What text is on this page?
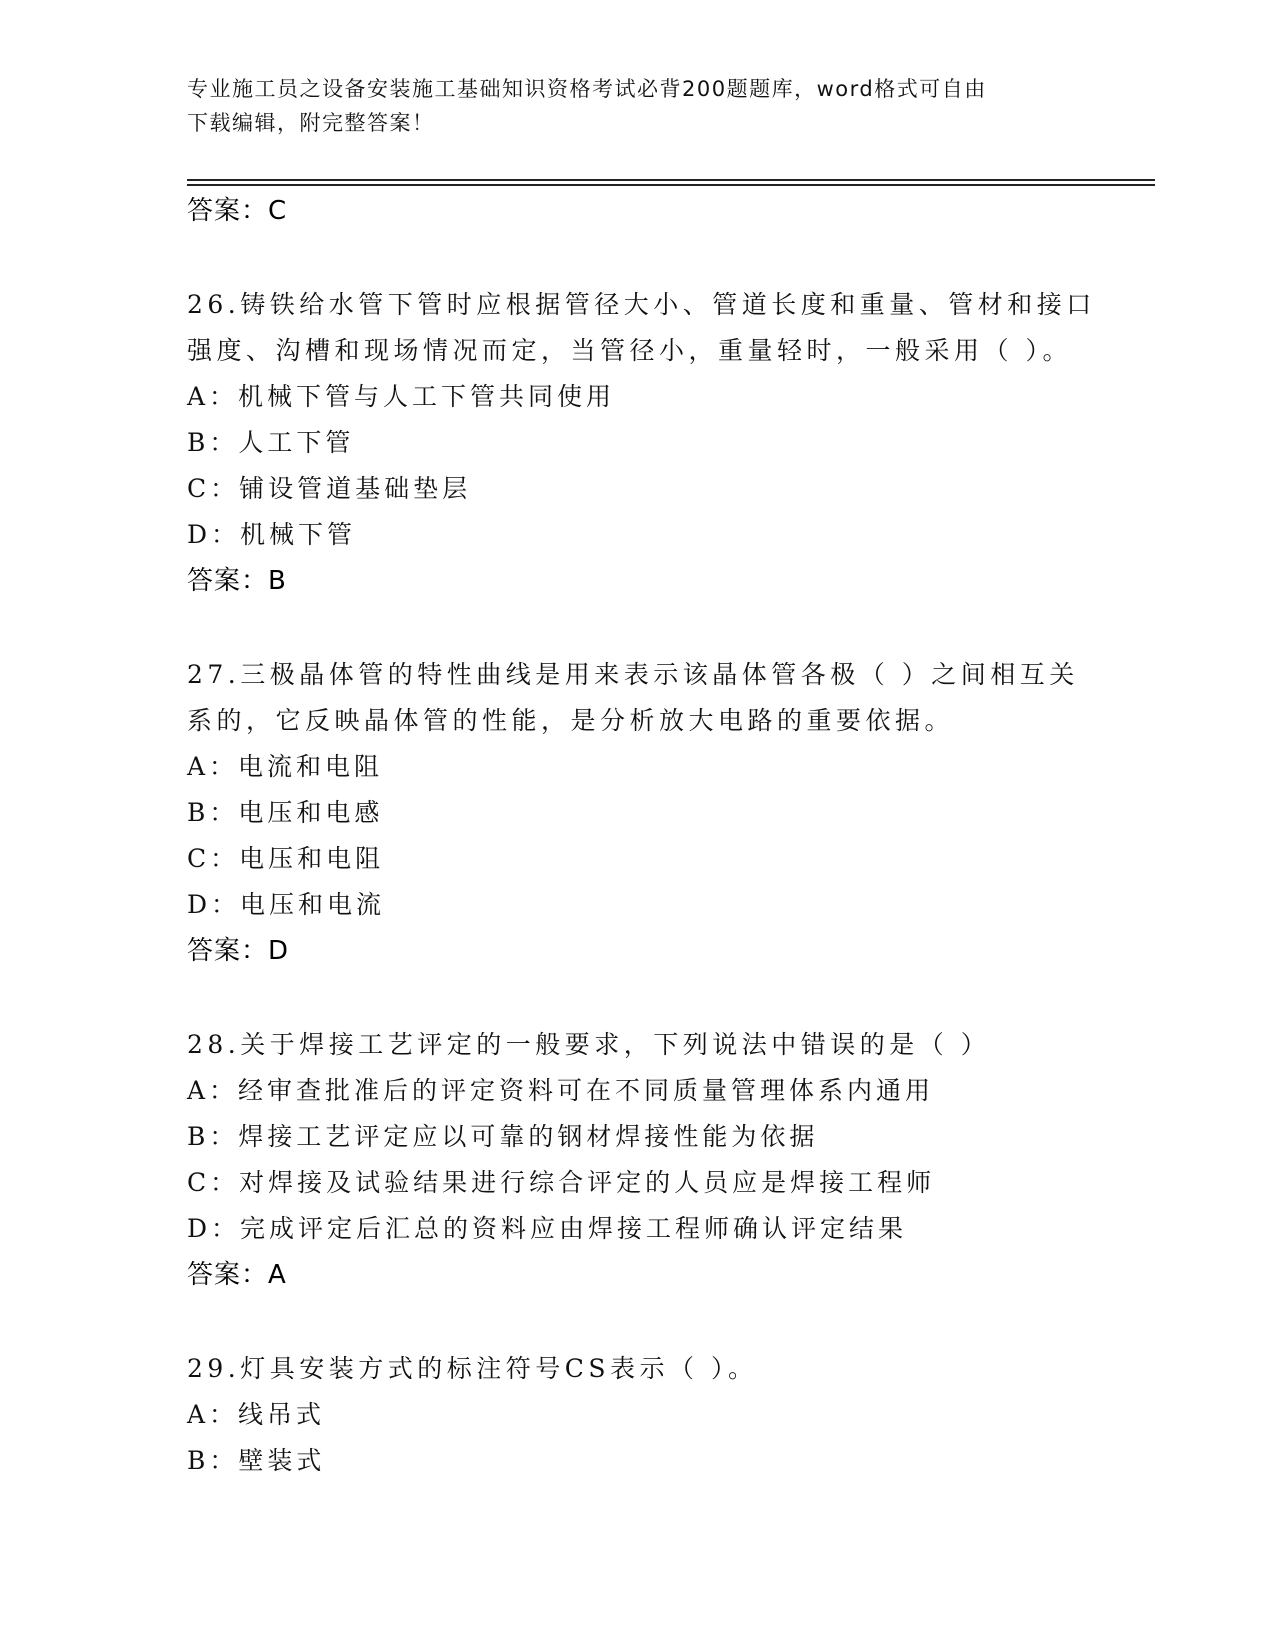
专业施工员之设备安装施工基础知识资格考试必背200题题库，word格式可自由
下载编辑，附完整答案！
答案：C
26.铸铁给水管下管时应根据管径大小、管道长度和重量、管材和接口
强度、沟槽和现场情况而定，当管径小，重量轻时，一般采用（ ）。
A：机械下管与人工下管共同使用
B：人工下管
C：铺设管道基础垫层
D：机械下管
答案：B
27.三极晶体管的特性曲线是用来表示该晶体管各极（ ）之间相互关
系的，它反映晶体管的性能，是分析放大电路的重要依据。
A：电流和电阻
B：电压和电感
C：电压和电阻
D：电压和电流
答案：D
28.关于焊接工艺评定的一般要求，下列说法中错误的是（ ）
A：经审查批准后的评定资料可在不同质量管理体系内通用
B：焊接工艺评定应以可靠的钢材焊接性能为依据
C：对焊接及试验结果进行综合评定的人员应是焊接工程师
D：完成评定后汇总的资料应由焊接工程师确认评定结果
答案：A
29.灯具安装方式的标注符号CS表示（ ）。
A：线吊式
B：壁装式
